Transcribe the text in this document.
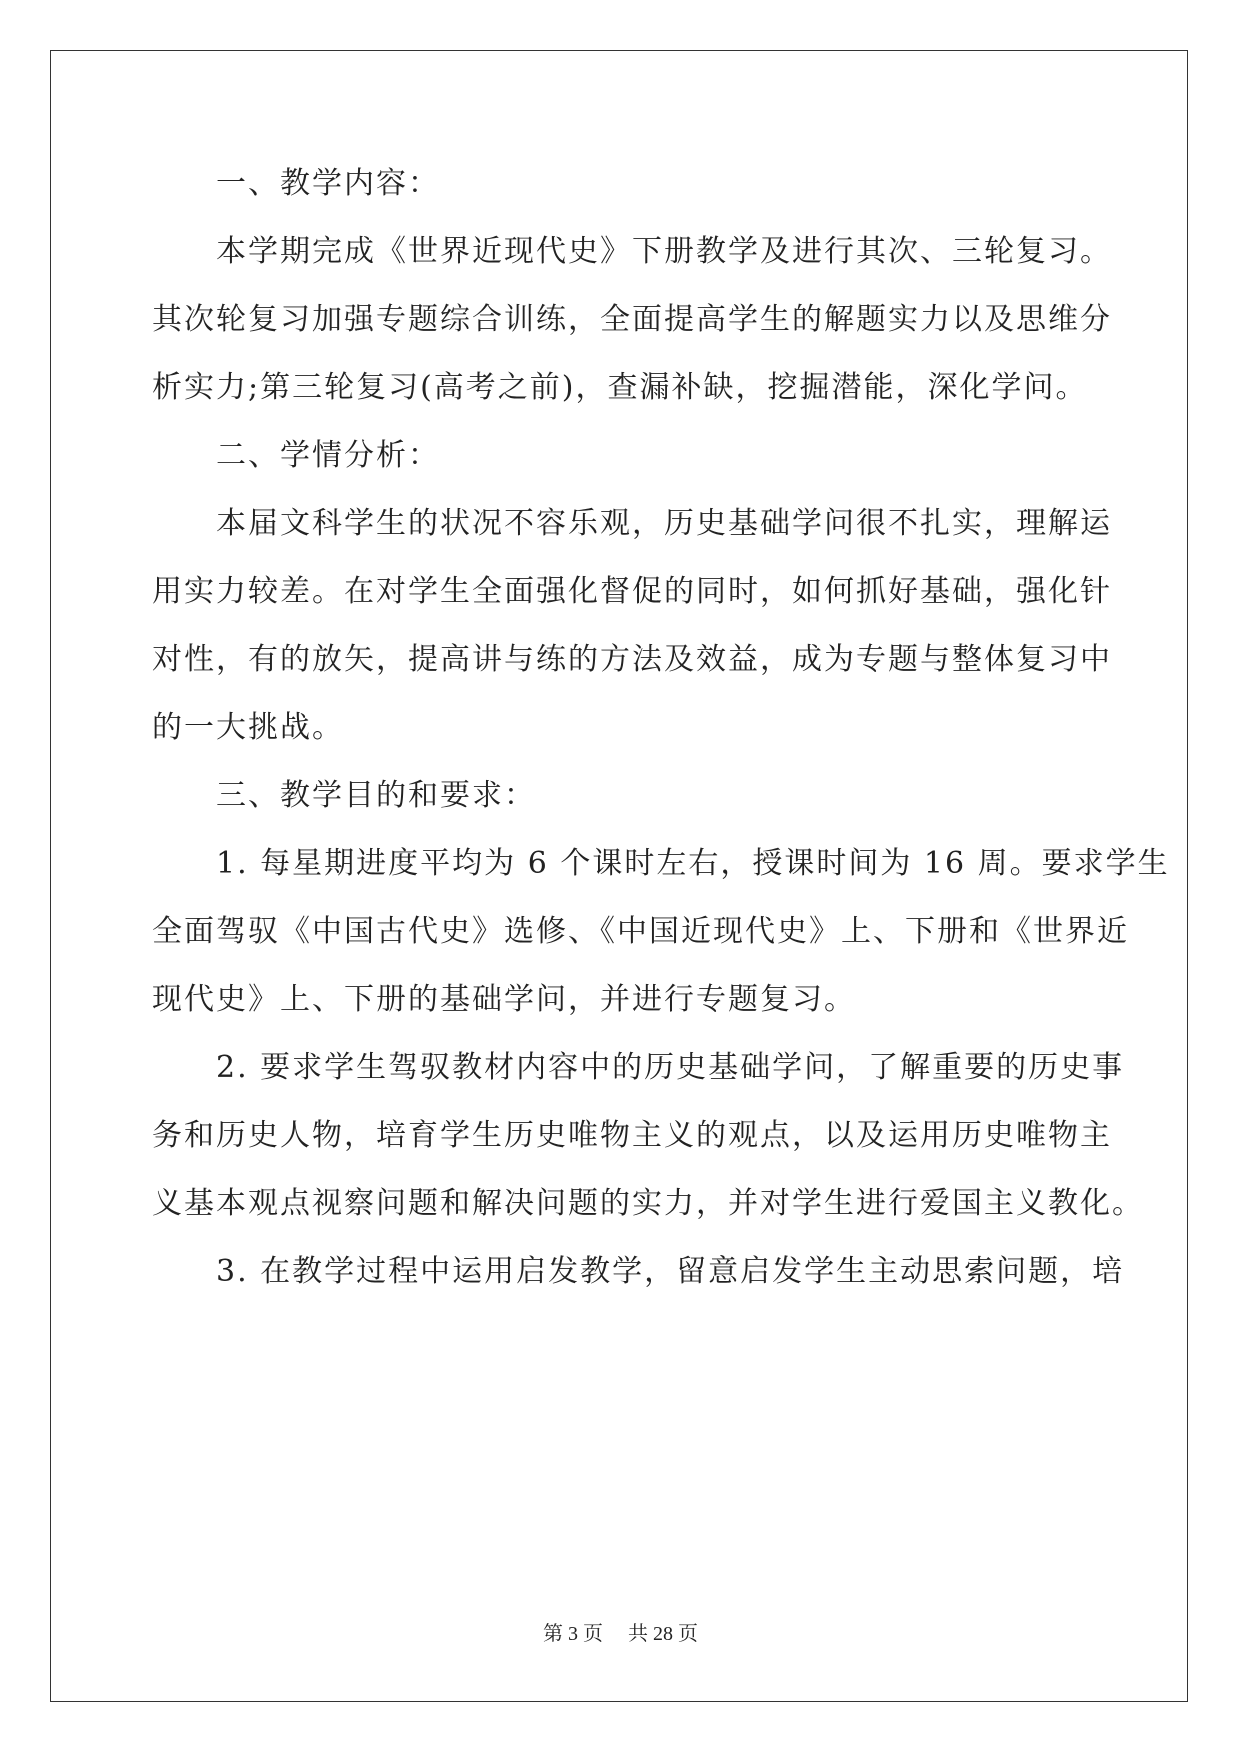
　　一、教学内容：
　　本学期完成《世界近现代史》下册教学及进行其次、三轮复习。
其次轮复习加强专题综合训练，全面提高学生的解题实力以及思维分
析实力;第三轮复习(高考之前)，查漏补缺，挖掘潜能，深化学问。
　　二、学情分析：
　　本届文科学生的状况不容乐观，历史基础学问很不扎实，理解运
用实力较差。在对学生全面强化督促的同时，如何抓好基础，强化针
对性，有的放矢，提高讲与练的方法及效益，成为专题与整体复习中
的一大挑战。
　　三、教学目的和要求：
　　1. 每星期进度平均为 6 个课时左右，授课时间为 16 周。要求学生
全面驾驭《中国古代史》选修、《中国近现代史》上、下册和《世界近
现代史》上、下册的基础学问，并进行专题复习。
　　2. 要求学生驾驭教材内容中的历史基础学问，了解重要的历史事
务和历史人物，培育学生历史唯物主义的观点，以及运用历史唯物主
义基本观点视察问题和解决问题的实力，并对学生进行爱国主义教化。
　　3. 在教学过程中运用启发教学，留意启发学生主动思索问题，培
第 3 页　 共 28 页
